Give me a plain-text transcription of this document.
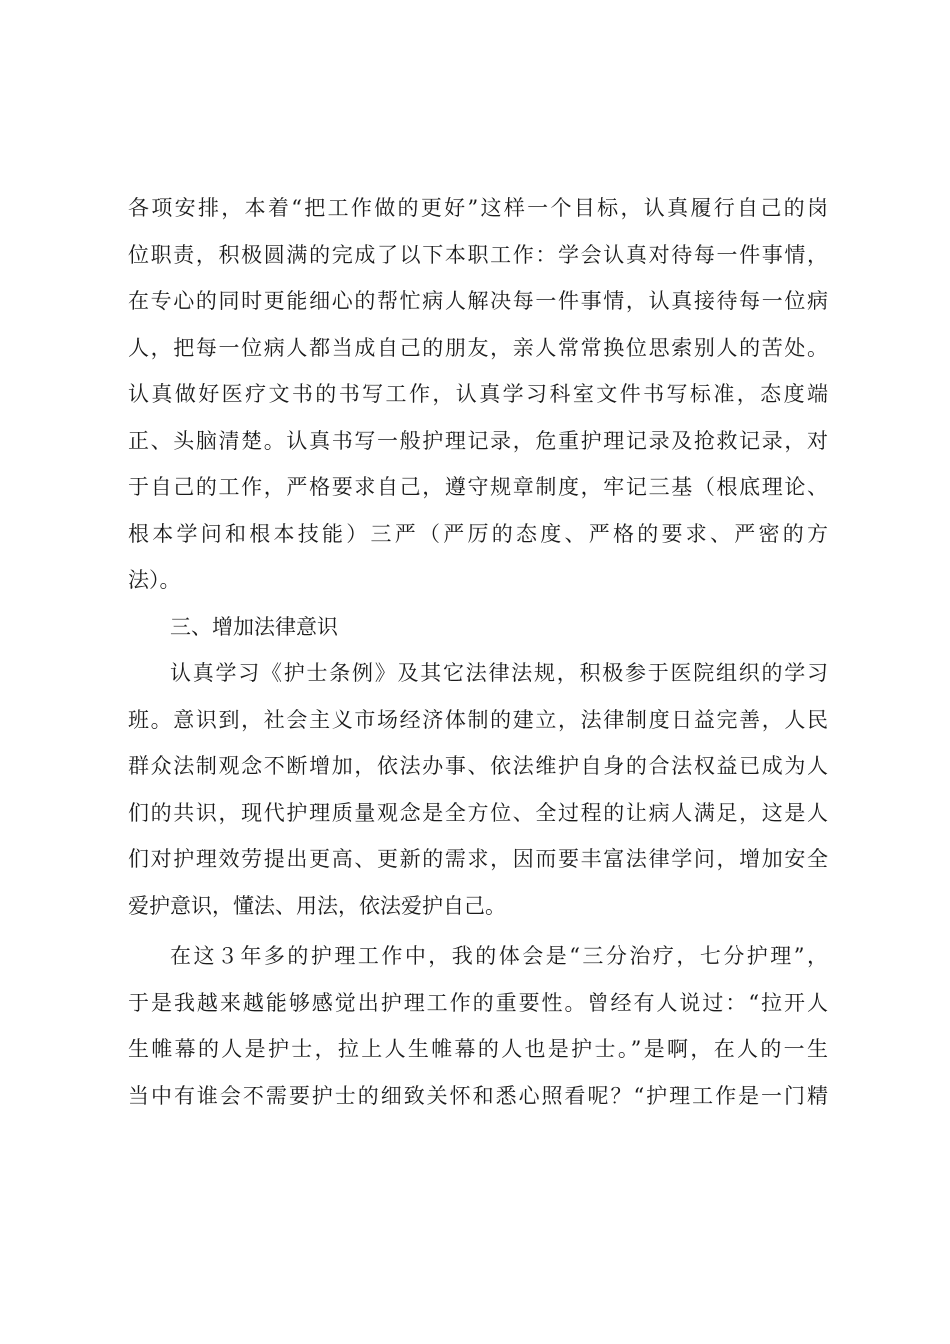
各项安排，本着“把工作做的更好”这样一个目标，认真履行自己的岗
位职责，积极圆满的完成了以下本职工作：学会认真对待每一件事情，
在专心的同时更能细心的帮忙病人解决每一件事情，认真接待每一位病
人，把每一位病人都当成自己的朋友，亲人常常换位思索别人的苦处。
认真做好医疗文书的书写工作，认真学习科室文件书写标准，态度端
正、头脑清楚。认真书写一般护理记录，危重护理记录及抢救记录，对
于自己的工作，严格要求自己，遵守规章制度，牢记三基（根底理论、
根本学问和根本技能）三严（严厉的态度、严格的要求、严密的方
法）。
三、增加法律意识
认真学习《护士条例》及其它法律法规，积极参于医院组织的学习
班。意识到，社会主义市场经济体制的建立，法律制度日益完善，人民
群众法制观念不断增加，依法办事、依法维护自身的合法权益已成为人
们的共识，现代护理质量观念是全方位、全过程的让病人满足，这是人
们对护理效劳提出更高、更新的需求，因而要丰富法律学问，增加安全
爱护意识，懂法、用法，依法爱护自己。
在这３年多的护理工作中，我的体会是“三分治疗，七分护理”，
于是我越来越能够感觉出护理工作的重要性。曾经有人说过：“拉开人
生帷幕的人是护士，拉上人生帷幕的人也是护士。”是啊，在人的一生
当中有谁会不需要护士的细致关怀和悉心照看呢？“护理工作是一门精
